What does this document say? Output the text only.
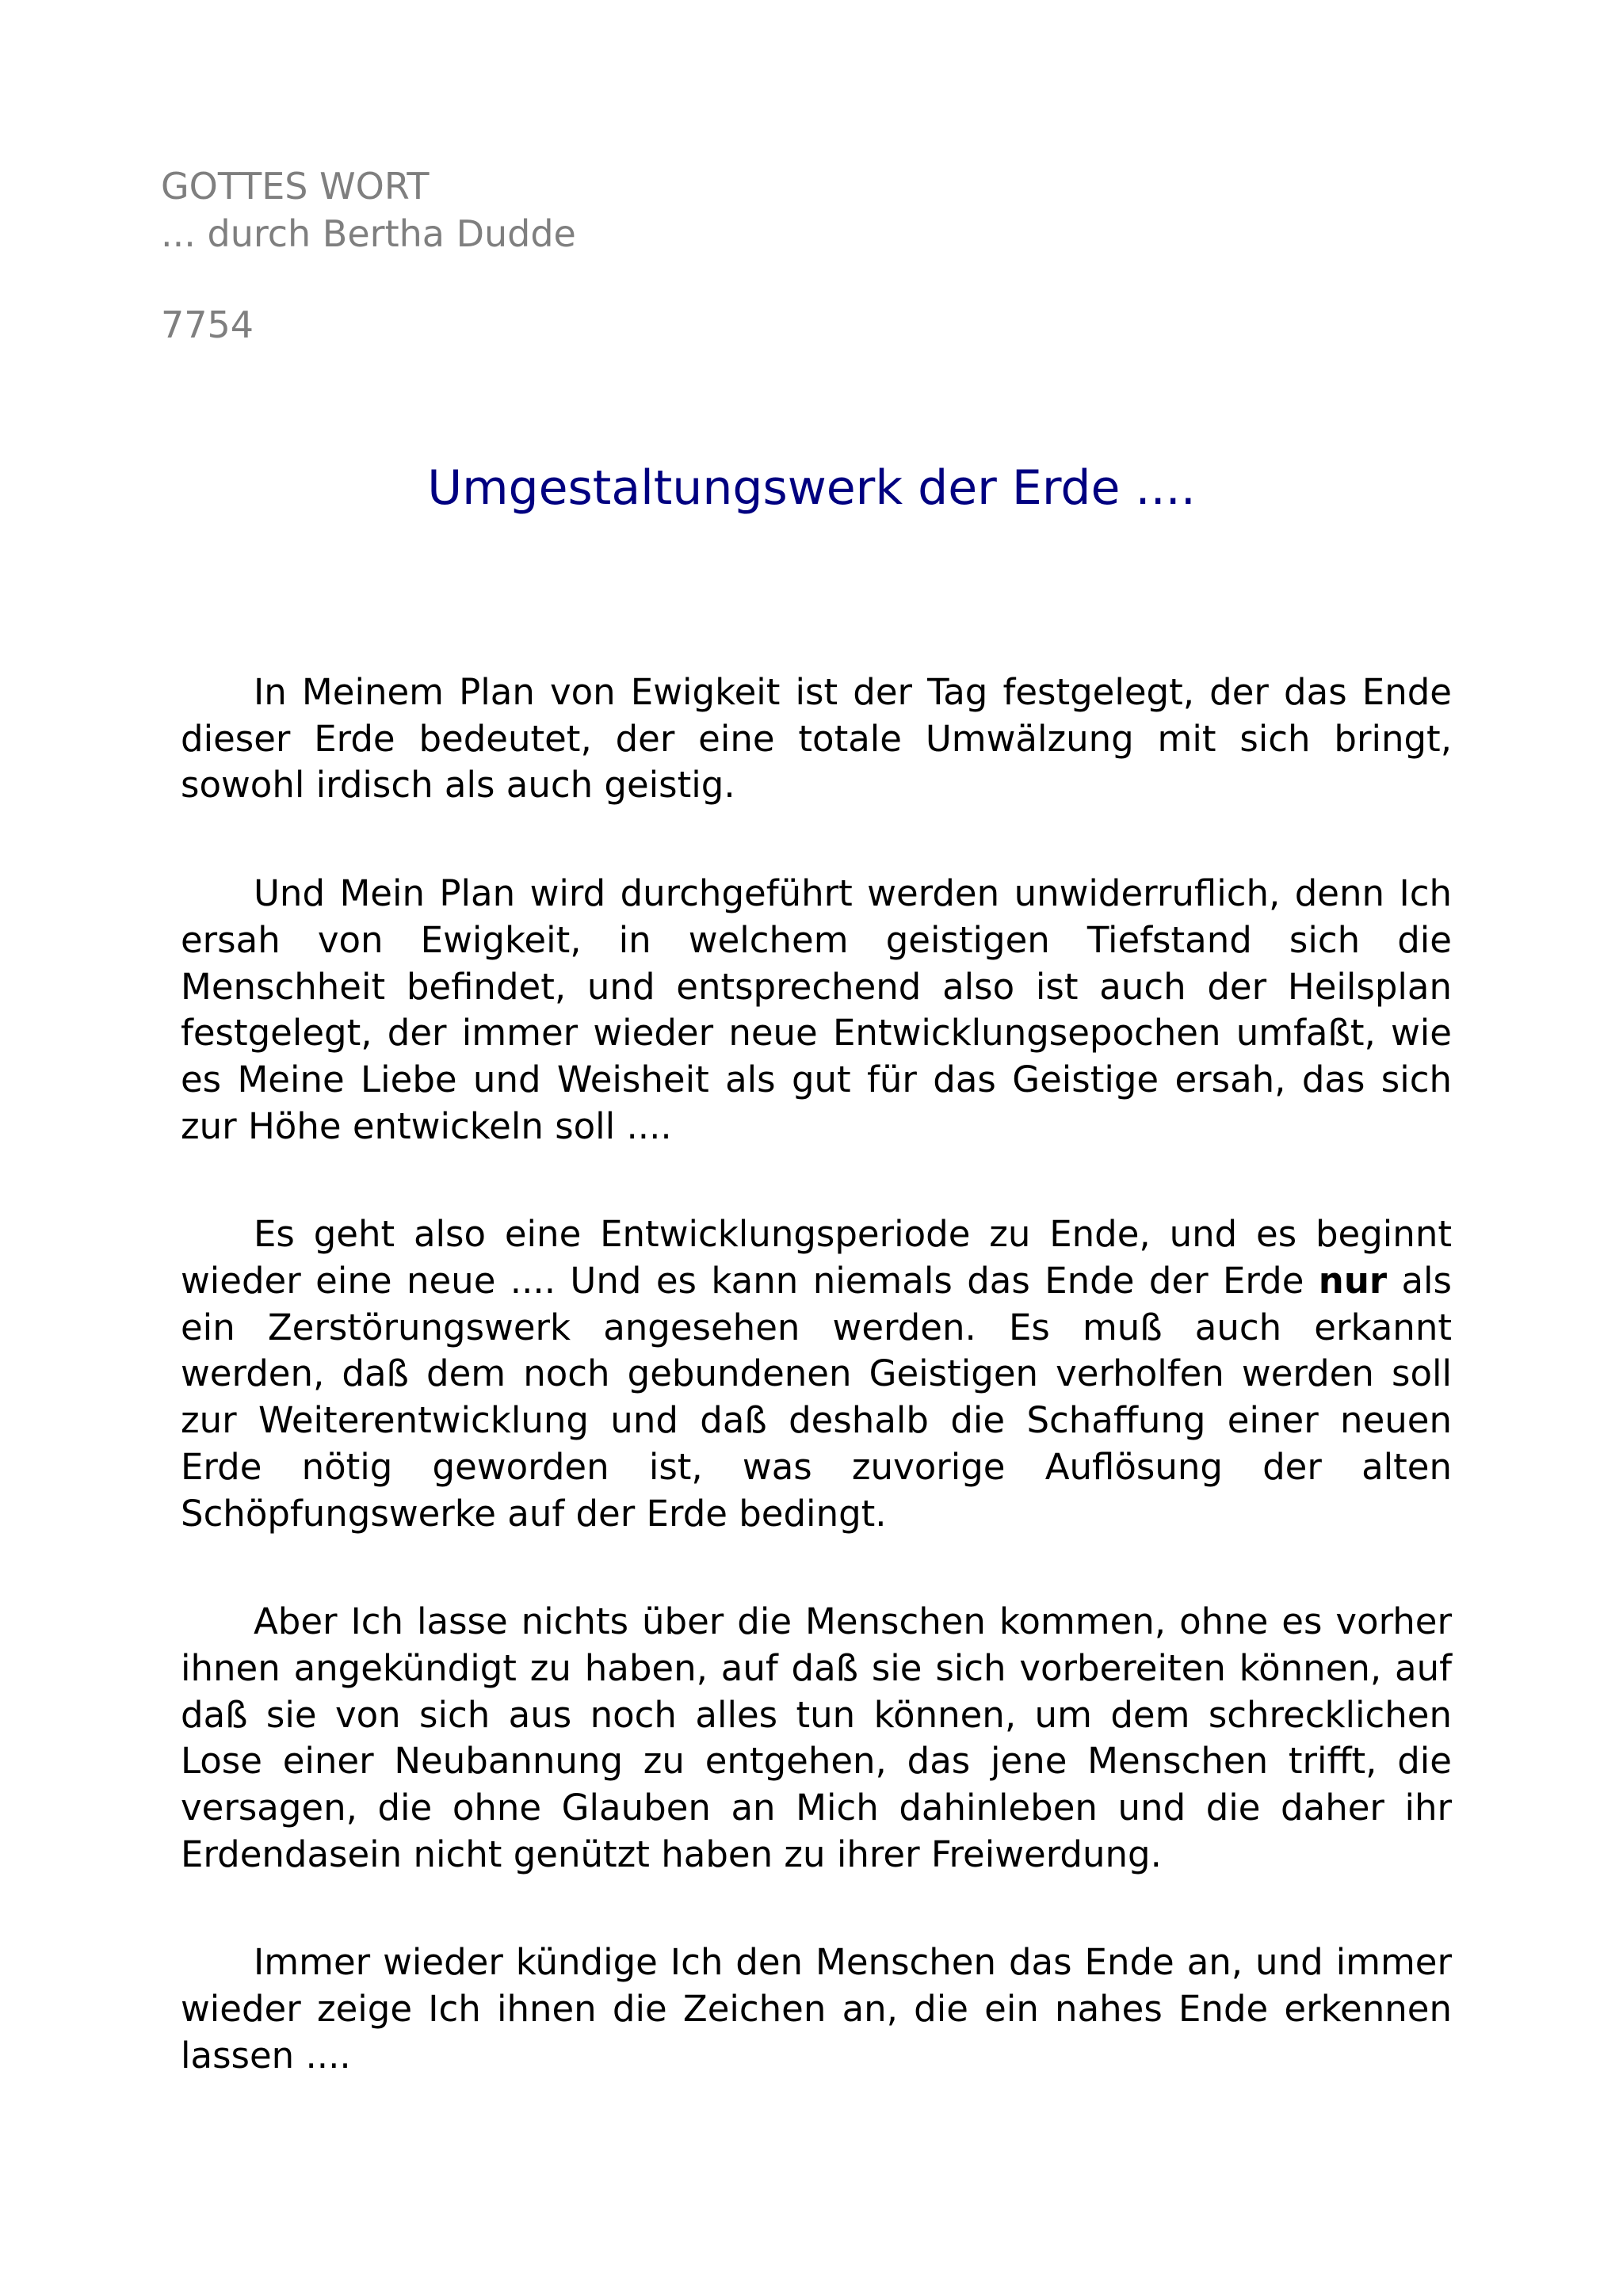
GOTTES WORT
... durch Bertha Dudde
7754
Umgestaltungswerk der Erde ....

In Meinem Plan von Ewigkeit ist der Tag festgelegt, der das Ende dieser Erde bedeutet, der eine totale Umwälzung mit sich bringt, sowohl irdisch als auch geistig.

Und Mein Plan wird durchgeführt werden unwiderruflich, denn Ich ersah von Ewigkeit, in welchem geistigen Tiefstand sich die Menschheit befindet, und entsprechend also ist auch der Heilsplan festgelegt, der immer wieder neue Entwicklungsepochen umfaßt, wie es Meine Liebe und Weisheit als gut für das Geistige ersah, das sich zur Höhe entwickeln soll ....

Es geht also eine Entwicklungsperiode zu Ende, und es beginnt wieder eine neue .... Und es kann niemals das Ende der Erde nur als ein Zerstörungswerk angesehen werden. Es muß auch erkannt werden, daß dem noch gebundenen Geistigen verholfen werden soll zur Weiterentwicklung und daß deshalb die Schaffung einer neuen Erde nötig geworden ist, was zuvorige Auflösung der alten Schöpfungswerke auf der Erde bedingt.

Aber Ich lasse nichts über die Menschen kommen, ohne es vorher ihnen angekündigt zu haben, auf daß sie sich vorbereiten können, auf daß sie von sich aus noch alles tun können, um dem schrecklichen Lose einer Neubannung zu entgehen, das jene Menschen trifft, die versagen, die ohne Glauben an Mich dahinleben und die daher ihr Erdendasein nicht genützt haben zu ihrer Freiwerdung.

Immer wieder kündige Ich den Menschen das Ende an, und immer wieder zeige Ich ihnen die Zeichen an, die ein nahes Ende erkennen lassen ....
